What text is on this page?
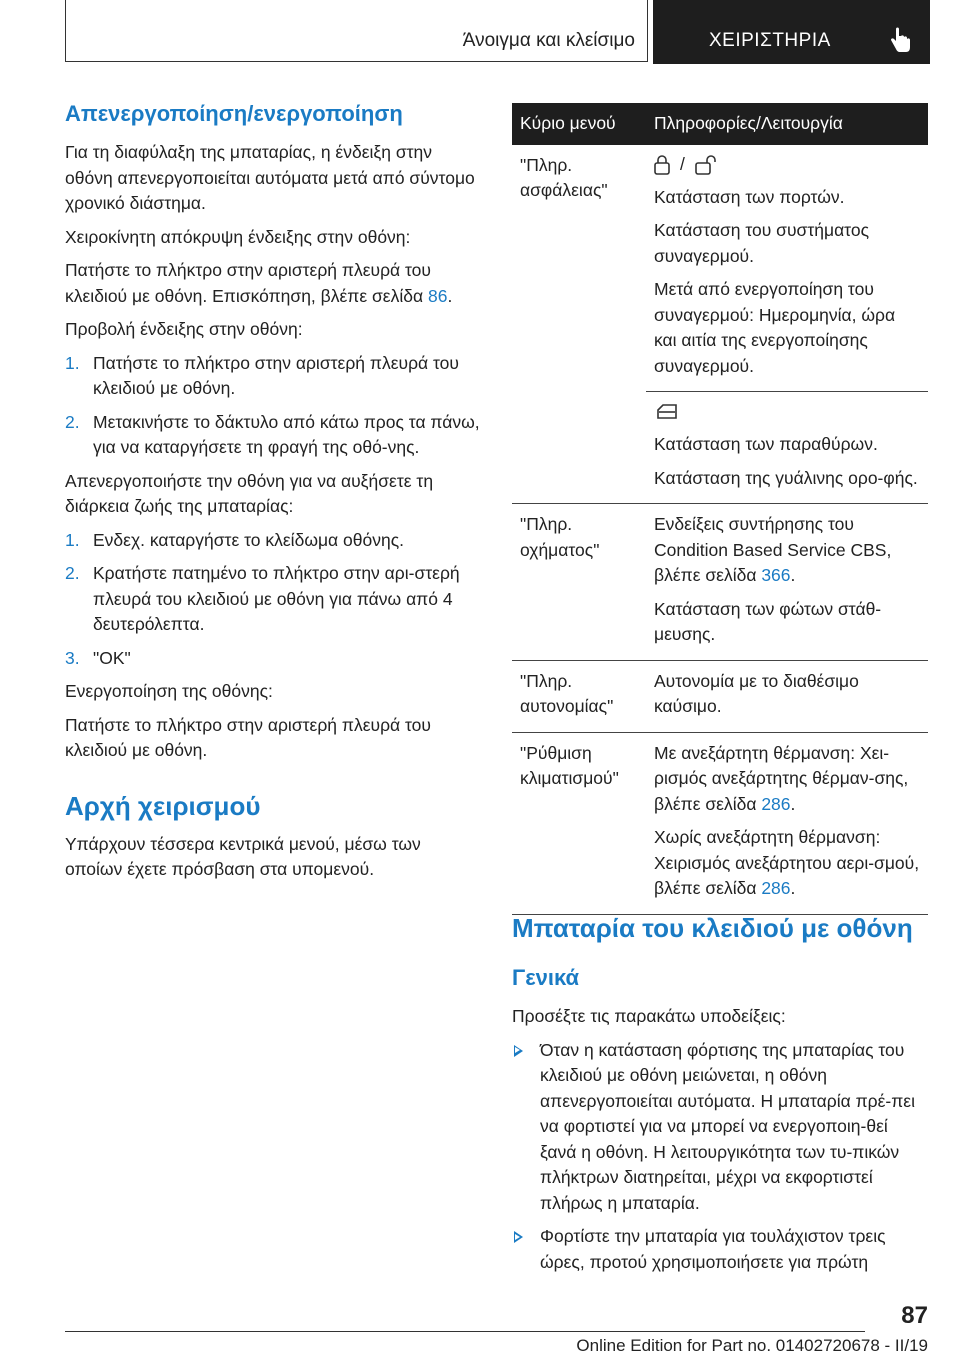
Άνοιγμα και κλείσιμο	ΧΕΙΡΙΣΤΗΡΙΑ
Απενεργοποίηση/ενεργοποίηση

Για τη διαφύλαξη της μπαταρίας, η ένδειξη στην οθόνη απενεργοποιείται αυτόματα μετά από σύντομο χρονικό διάστημα.

Χειροκίνητη απόκρυψη ένδειξης στην οθόνη:

Πατήστε το πλήκτρο στην αριστερή πλευρά του κλειδιού με οθόνη. Επισκόπηση, βλέπε σελίδα 86.

Προβολή ένδειξης στην οθόνη:

1. Πατήστε το πλήκτρο στην αριστερή πλευρά του κλειδιού με οθόνη.
2. Μετακινήστε το δάκτυλο από κάτω προς τα πάνω, για να καταργήσετε τη φραγή της οθό-νης.

Απενεργοποιήστε την οθόνη για να αυξήσετε τη διάρκεια ζωής της μπαταρίας:

1. Ενδεχ. καταργήστε το κλείδωμα οθόνης.
2. Κρατήστε πατημένο το πλήκτρο στην αρι-στερή πλευρά του κλειδιού με οθόνη για πάνω από 4 δευτερόλεπτα.
3. "OK"

Ενεργοποίηση της οθόνης:

Πατήστε το πλήκτρο στην αριστερή πλευρά του κλειδιού με οθόνη.

Αρχή χειρισμού

Υπάρχουν τέσσερα κεντρικά μενού, μέσω των οποίων έχετε πρόσβαση στα υπομενού.

Κύριο μενού	Πληροφορίες/Λειτουργία
"Πληρ. ασφάλειας"	/

Κατάσταση των πορτών.

Κατάσταση του συστήματος συναγερμού.

Μετά από ενεργοποίηση του συναγερμού: Ημερομηνία, ώρα και αιτία της ενεργοποίησης συναγερμού.

	Κατάσταση των παραθύρων.

Κατάσταση της γυάλινης ορο-φής.

"Πληρ. οχήματος"	Ενδείξεις συντήρησης του Condition Based Service CBS, βλέπε σελίδα 366.

Κατάσταση των φώτων στάθ-μευσης.

"Πληρ. αυτονομίας"	Αυτονομία με το διαθέσιμο καύσιμο.

"Ρύθμιση κλιματισμού"	Με ανεξάρτητη θέρμανση: Χει-ρισμός ανεξάρτητης θέρμαν-σης, βλέπε σελίδα 286.

Χωρίς ανεξάρτητη θέρμανση: Χειρισμός ανεξάρτητου αερι-σμού, βλέπε σελίδα 286.

Μπαταρία του κλειδιού με οθόνη
Γενικά

Προσέξτε τις παρακάτω υποδείξεις:

Όταν η κατάσταση φόρτισης της μπαταρίας του κλειδιού με οθόνη μειώνεται, η οθόνη απενεργοποιείται αυτόματα. Η μπαταρία πρέ-πει να φορτιστεί για να μπορεί να ενεργοποιη-θεί ξανά η οθόνη. Η λειτουργικότητα των τυ-πικών πλήκτρων διατηρείται, μέχρι να εκφορτιστεί πλήρως η μπαταρία.
Φορτίστε την μπαταρία για τουλάχιστον τρεις ώρες, προτού χρησιμοποιήσετε για πρώτη
87
Online Edition for Part no. 01402720678 - II/19
